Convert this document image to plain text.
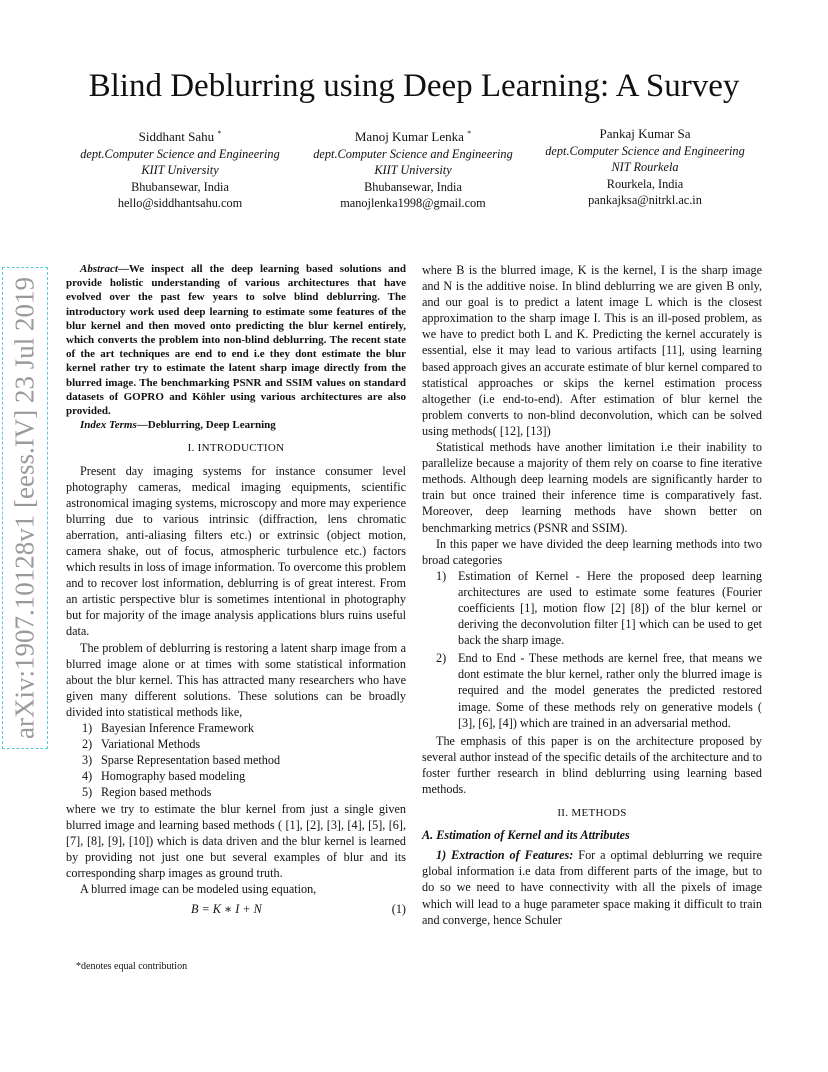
arXiv:1907.10128v1 [eess.IV] 23 Jul 2019
Blind Deblurring using Deep Learning: A Survey
Siddhant Sahu *
dept.Computer Science and Engineering
KIIT University
Bhubansewar, India
hello@siddhantsahu.com
Manoj Kumar Lenka *
dept.Computer Science and Engineering
KIIT University
Bhubansewar, India
manojlenka1998@gmail.com
Pankaj Kumar Sa
dept.Computer Science and Engineering
NIT Rourkela
Rourkela, India
pankajksa@nitrkl.ac.in

Abstract—We inspect all the deep learning based solutions and provide holistic understanding of various architectures that have evolved over the past few years to solve blind deblurring. The introductory work used deep learning to estimate some features of the blur kernel and then moved onto predicting the blur kernel entirely, which converts the problem into non-blind deblurring. The recent state of the art techniques are end to end i.e they dont estimate the blur kernel rather try to estimate the latent sharp image directly from the blurred image. The benchmarking PSNR and SSIM values on standard datasets of GOPRO and Köhler using various architectures are also provided.

Index Terms—Deblurring, Deep Learning

I. INTRODUCTION

Present day imaging systems for instance consumer level photography cameras, medical imaging equipments, scientific astronomical imaging systems, microscopy and more may experience blurring due to various intrinsic (diffraction, lens chromatic aberration, anti-aliasing filters etc.) or extrinsic (object motion, camera shake, out of focus, atmospheric turbulence etc.) factors which results in loss of image information. To overcome this problem and to recover lost information, deblurring is of great interest. From an artistic perspective blur is sometimes intentional in photography but for majority of the image analysis applications blurs ruins useful data.

The problem of deblurring is restoring a latent sharp image from a blurred image alone or at times with some statistical information about the blur kernel. This has attracted many researchers who have given many different solutions. These solutions can be broadly divided into statistical methods like,

1) Bayesian Inference Framework
2) Variational Methods
3) Sparse Representation based method
4) Homography based modeling
5) Region based methods

where we try to estimate the blur kernel from just a single given blurred image and learning based methods ( [1], [2], [3], [4], [5], [6], [7], [8], [9], [10]) which is data driven and the blur kernel is learned by providing not just one but several examples of blur and its corresponding sharp images as ground truth.

A blurred image can be modeled using equation,

B = K ∗ I + N	(1)
*denotes equal contribution

where B is the blurred image, K is the kernel, I is the sharp image and N is the additive noise. In blind deblurring we are given B only, and our goal is to predict a latent image L which is the closest approximation to the sharp image I. This is an ill-posed problem, as we have to predict both L and K. Predicting the kernel accurately is essential, else it may lead to various artifacts [11], using learning based approach gives an accurate estimate of blur kernel compared to statistical approaches or skips the kernel estimation process altogether (i.e end-to-end). After estimation of blur kernel the problem converts to non-blind deconvolution, which can be solved using methods( [12], [13])

Statistical methods have another limitation i.e their inability to parallelize because a majority of them rely on coarse to fine iterative methods. Although deep learning models are significantly harder to train but once trained their inference time is comparatively fast. Moreover, deep learning methods have shown better on benchmarking metrics (PSNR and SSIM).

In this paper we have divided the deep learning methods into two broad categories

1) Estimation of Kernel - Here the proposed deep learning architectures are used to estimate some features (Fourier coefficients [1], motion flow [2] [8]) of the blur kernel or deriving the deconvolution filter [1] which can be used to get back the sharp image.
2) End to End - These methods are kernel free, that means we dont estimate the blur kernel, rather only the blurred image is required and the model generates the predicted restored image. Some of these methods rely on generative models ( [3], [6], [4]) which are trained in an adversarial method.

The emphasis of this paper is on the architecture proposed by several author instead of the specific details of the architecture and to foster further research in blind deblurring using learning based methods.

II. METHODS
A. Estimation of Kernel and its Attributes

1) Extraction of Features: For a optimal deblurring we require global information i.e data from different parts of the image, but to do so we need to have connectivity with all the pixels of image which will lead to a huge parameter space making it difficult to train and converge, hence Schuler
